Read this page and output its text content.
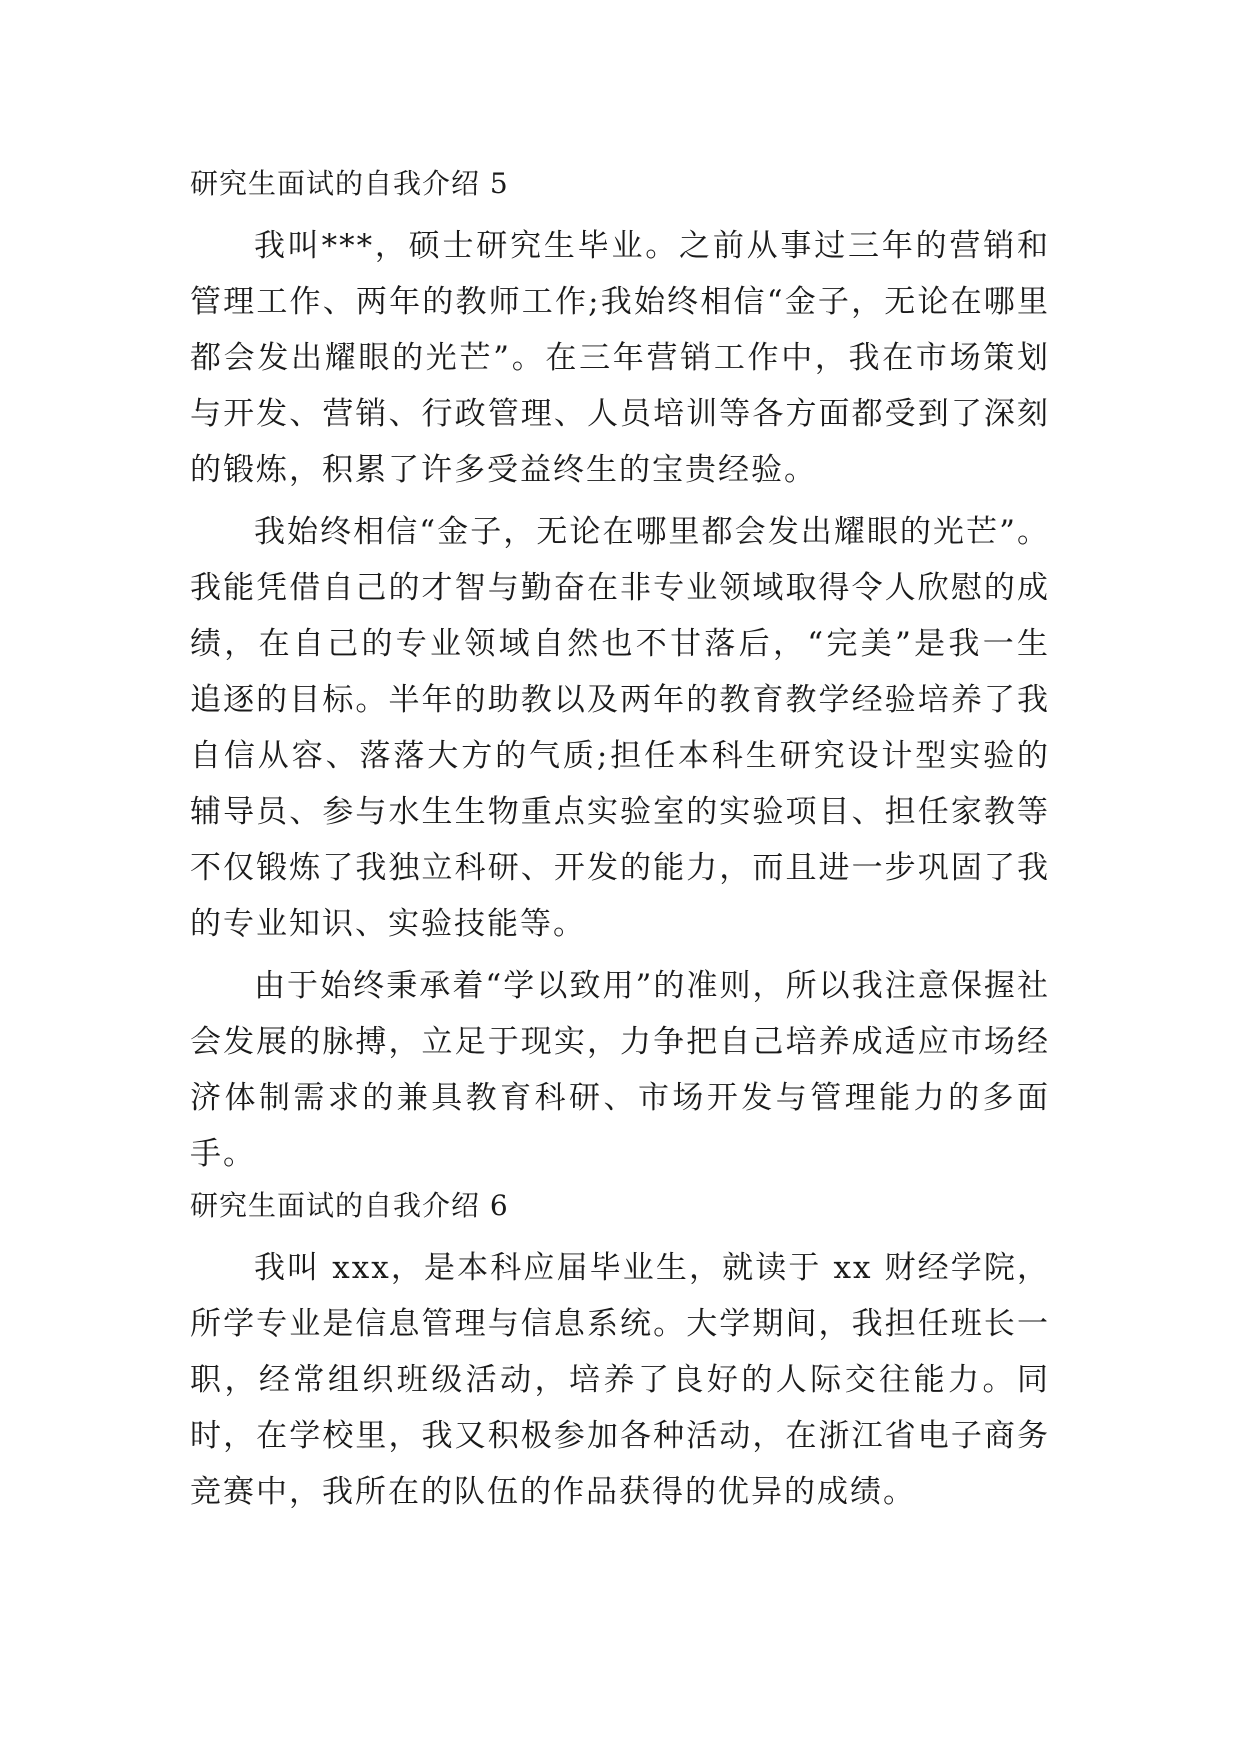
研究生面试的自我介绍 5

我叫***，硕士研究生毕业。之前从事过三年的营销和管理工作、两年的教师工作;我始终相信“金子，无论在哪里都会发出耀眼的光芒”。在三年营销工作中，我在市场策划与开发、营销、行政管理、人员培训等各方面都受到了深刻的锻炼，积累了许多受益终生的宝贵经验。

我始终相信“金子，无论在哪里都会发出耀眼的光芒”。我能凭借自己的才智与勤奋在非专业领域取得令人欣慰的成绩，在自己的专业领域自然也不甘落后，“完美”是我一生追逐的目标。半年的助教以及两年的教育教学经验培养了我自信从容、落落大方的气质;担任本科生研究设计型实验的辅导员、参与水生生物重点实验室的实验项目、担任家教等不仅锻炼了我独立科研、开发的能力，而且进一步巩固了我的专业知识、实验技能等。

由于始终秉承着“学以致用”的准则，所以我注意保握社会发展的脉搏，立足于现实，力争把自己培养成适应市场经济体制需求的兼具教育科研、市场开发与管理能力的多面手。

研究生面试的自我介绍 6

我叫 xxx，是本科应届毕业生，就读于 xx 财经学院，所学专业是信息管理与信息系统。大学期间，我担任班长一职，经常组织班级活动，培养了良好的人际交往能力。同时，在学校里，我又积极参加各种活动，在浙江省电子商务竞赛中，我所在的队伍的作品获得的优异的成绩。
